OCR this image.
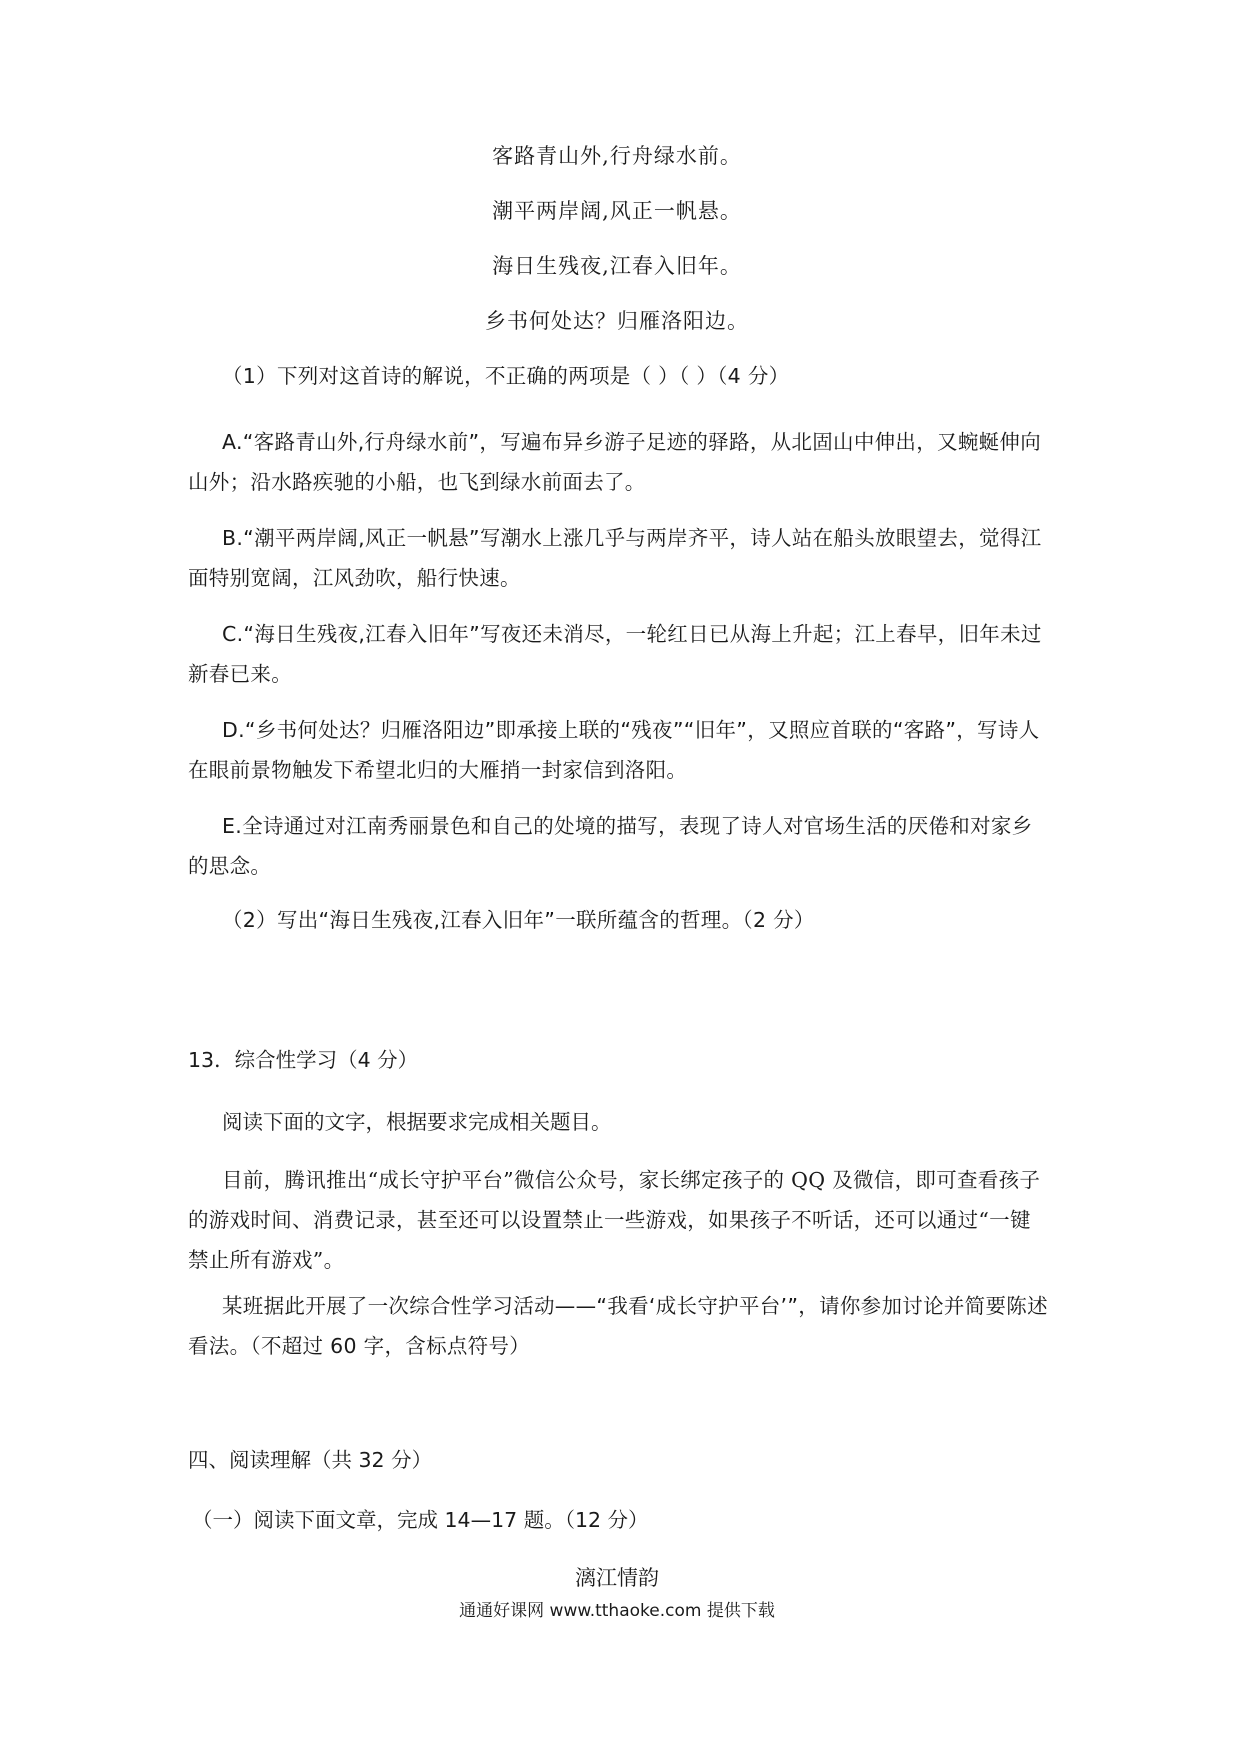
客路青山外,行舟绿水前。
潮平两岸阔,风正一帆悬。
海日生残夜,江春入旧年。
乡书何处达？归雁洛阳边。
（1）下列对这首诗的解说，不正确的两项是（ ）（ ）（4 分）
A.“客路青山外,行舟绿水前”，写遍布异乡游子足迹的驿路，从北固山中伸出，又蜿蜒伸向山外；沿水路疾驰的小船，也飞到绿水前面去了。
B.“潮平两岸阔,风正一帆悬”写潮水上涨几乎与两岸齐平，诗人站在船头放眼望去，觉得江面特别宽阔，江风劲吹，船行快速。
C.“海日生残夜,江春入旧年”写夜还未消尽，一轮红日已从海上升起；江上春早，旧年未过新春已来。
D.“乡书何处达？归雁洛阳边”即承接上联的“残夜”“旧年”，又照应首联的“客路”，写诗人在眼前景物触发下希望北归的大雁捎一封家信到洛阳。
E.全诗通过对江南秀丽景色和自己的处境的描写，表现了诗人对官场生活的厌倦和对家乡的思念。
（2）写出“海日生残夜,江春入旧年”一联所蕴含的哲理。（2 分）
13．综合性学习（4 分）
阅读下面的文字，根据要求完成相关题目。
目前，腾讯推出“成长守护平台”微信公众号，家长绑定孩子的 QQ 及微信，即可查看孩子的游戏时间、消费记录，甚至还可以设置禁止一些游戏，如果孩子不听话，还可以通过“一键禁止所有游戏”。
某班据此开展了一次综合性学习活动——“我看‘成长守护平台’”，请你参加讨论并简要陈述看法。（不超过 60 字，含标点符号）
四、阅读理解（共 32 分）
（一）阅读下面文章，完成 14—17 题。（12 分）
漓江情韵
通通好课网 www.tthaoke.com 提供下载
